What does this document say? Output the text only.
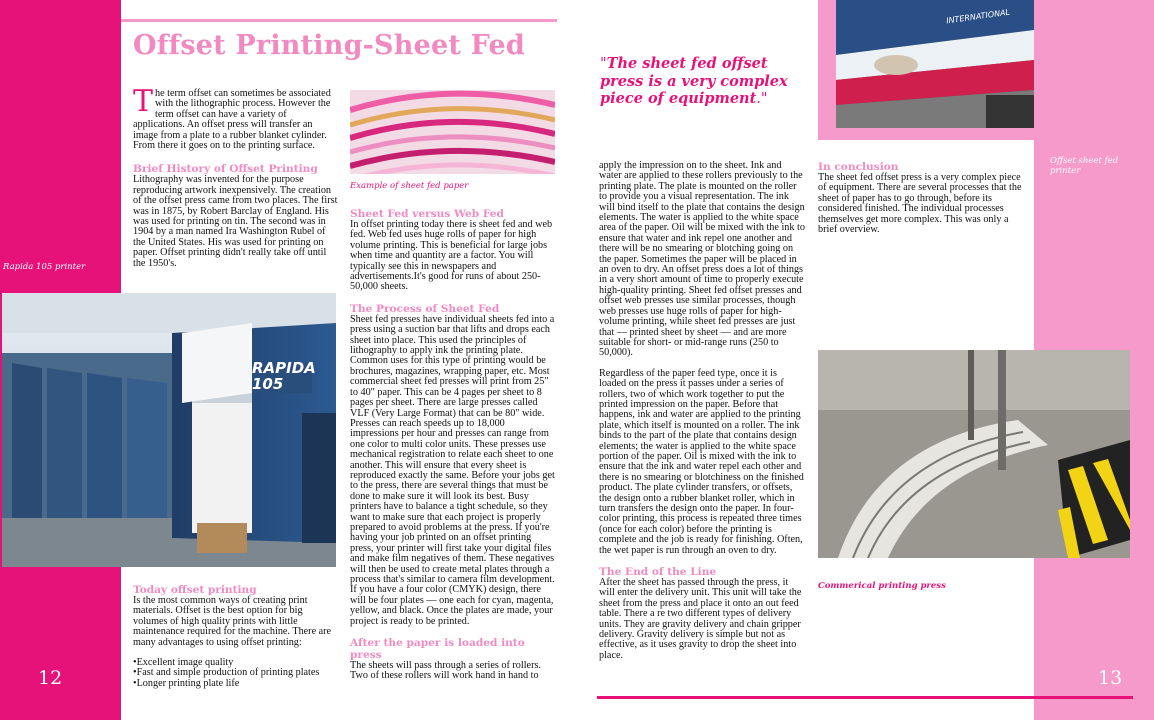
Offset Printing-Sheet Fed
Rapida 105 printer
RAPIDA 105

The term offset can sometimes be associated with the lithographic process. However the term offset can have a variety of applications. An offset press will transfer an image from a plate to a rubber blanket cylinder. From there it goes on to the printing surface.

Brief History of Offset Printing

Lithography was invented for the purpose reproducing artwork inexpensively. The creation of the offset press came from two places. The first was in 1875, by Robert Barclay of England. His was used for printing on tin. The second was in 1904 by a man named Ira Washington Rubel of the United States. His was used for printing on paper. Offset printing didn't really take off until the 1950's.

Today offset printing

Is the most common ways of creating print materials. Offset is the best option for big volumes of high quality prints with little maintenance required for the machine. There are many advantages to using offset printing:

• Excellent image quality
• Fast and simple production of printing plates
• Longer printing plate life
12
Example of sheet fed paper

Sheet Fed versus Web Fed

In offset printing today there is sheet fed and web fed. Web fed uses huge rolls of paper for high volume printing. This is beneficial for large jobs when time and quantity are a factor. You will typically see this in newspapers and advertisements.It's good for runs of about 250-50,000 sheets.

The Process of Sheet Fed

Sheet fed presses have individual sheets fed into a press using a suction bar that lifts and drops each sheet into place. This used the principles of lithography to apply ink the printing plate. Common uses for this type of printing would be brochures, magazines, wrapping paper, etc. Most commercial sheet fed presses will print from 25" to 40" paper. This can be 4 pages per sheet to 8 pages per sheet. There are large presses called VLF (Very Large Format) that can be 80" wide. Presses can reach speeds up to 18,000 impressions per hour and presses can range from one color to multi color units. These presses use mechanical registration to relate each sheet to one another. This will ensure that every sheet is reproduced exactly the same. Before your jobs get to the press, there are several things that must be done to make sure it will look its best. Busy printers have to balance a tight schedule, so they want to make sure that each project is properly prepared to avoid problems at the press. If you're having your job printed on an offset printing press, your printer will first take your digital files and make film negatives of them. These negatives will then be used to create metal plates through a process that's similar to camera film development. If you have a four color (CMYK) design, there will be four plates — one each for cyan, magenta, yellow, and black. Once the plates are made, your project is ready to be printed.

After the paper is loaded into press

The sheets will pass through a series of rollers. Two of these rollers will work hand in hand to

INTERNATIONAL
"The sheet fed offset press is a very complex piece of equipment."

apply the impression on to the sheet. Ink and water are applied to these rollers previously to the printing plate. The plate is mounted on the roller to provide you a visual representation. The ink will bind itself to the plate that contains the design elements. The water is applied to the white space area of the paper. Oil will be mixed with the ink to ensure that water and ink repel one another and there will be no smearing or blotching going on the paper. Sometimes the paper will be placed in an oven to dry. An offset press does a lot of things in a very short amount of time to properly execute high-quality printing. Sheet fed offset presses and offset web presses use similar processes, though web presses use huge rolls of paper for high-volume printing, while sheet fed presses are just that — printed sheet by sheet — and are more suitable for short- or mid-range runs (250 to 50,000).

Regardless of the paper feed type, once it is loaded on the press it passes under a series of rollers, two of which work together to put the printed impression on the paper. Before that happens, ink and water are applied to the printing plate, which itself is mounted on a roller. The ink binds to the part of the plate that contains design elements; the water is applied to the white space portion of the paper. Oil is mixed with the ink to ensure that the ink and water repel each other and there is no smearing or blotchiness on the finished product. The plate cylinder transfers, or offsets, the design onto a rubber blanket roller, which in turn transfers the design onto the paper. In four-color printing, this process is repeated three times (once for each color) before the printing is complete and the job is ready for finishing. Often, the wet paper is run through an oven to dry.

The End of the Line

After the sheet has passed through the press, it will enter the delivery unit. This unit will take the sheet from the press and place it onto an out feed table. There a re two different types of delivery units. They are gravity delivery and chain gripper delivery. Gravity delivery is simple but not as effective, as it uses gravity to drop the sheet into place.

In conclusion

The sheet fed offset press is a very complex piece of equipment. There are several processes that the sheet of paper has to go through, before its considered finished. The individual processes themselves get more complex. This was only a brief overview.

Offset sheet fed printer
Commerical printing press
13
